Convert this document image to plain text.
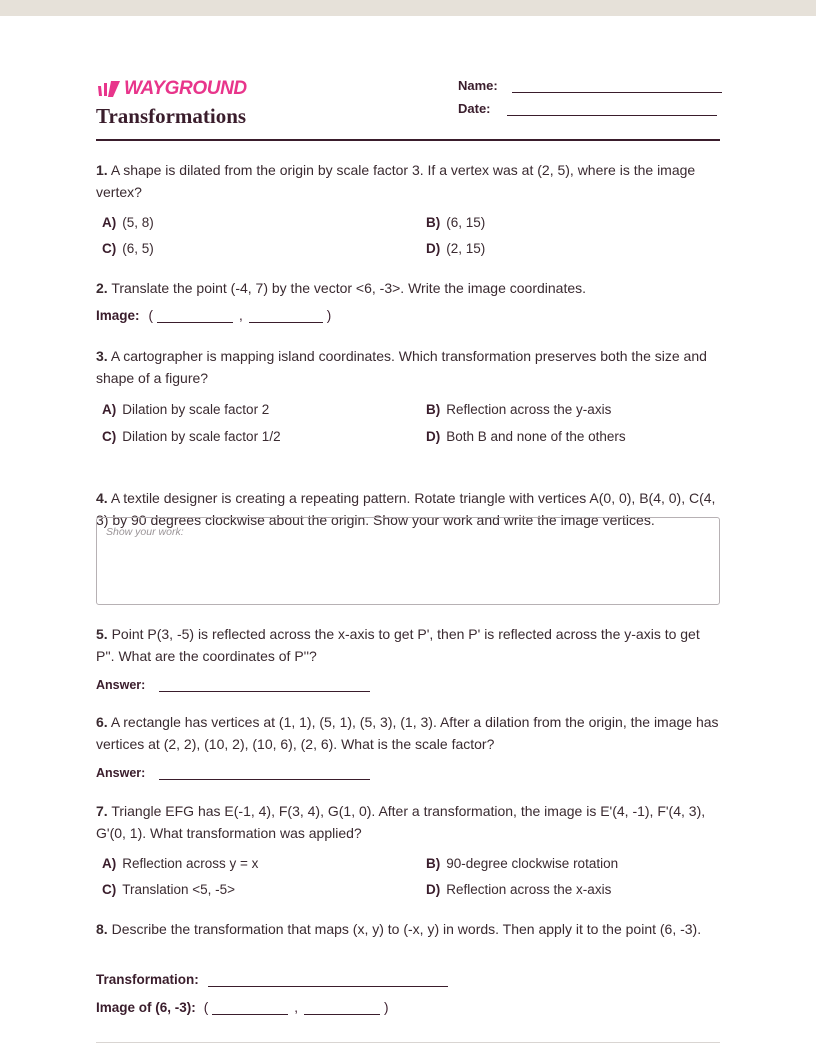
WAYGROUND
Transformations
Name:
Date:
1. A shape is dilated from the origin by scale factor 3. If a vertex was at (2, 5), where is the image vertex?
A) (5, 8)	B) (6, 15)
C) (6, 5)	D) (2, 15)
2. Translate the point (-4, 7) by the vector <6, -3>. Write the image coordinates.
Image: (	,	)
3. A cartographer is mapping island coordinates. Which transformation preserves both the size and shape of a figure?
A) Dilation by scale factor 2	B) Reflection across the y-axis
C) Dilation by scale factor 1/2	D) Both B and none of the others
4. A textile designer is creating a repeating pattern. Rotate triangle with vertices A(0, 0), B(4, 0), C(4, 3) by 90 degrees clockwise about the origin. Show your work and write the image vertices.
Show your work:
5. Point P(3, -5) is reflected across the x-axis to get P', then P' is reflected across the y-axis to get P''. What are the coordinates of P''?
Answer:
6. A rectangle has vertices at (1, 1), (5, 1), (5, 3), (1, 3). After a dilation from the origin, the image has vertices at (2, 2), (10, 2), (10, 6), (2, 6). What is the scale factor?
Answer:
7. Triangle EFG has E(-1, 4), F(3, 4), G(1, 0). After a transformation, the image is E'(4, -1), F'(4, 3), G'(0, 1). What transformation was applied?
A) Reflection across y = x	B) 90-degree clockwise rotation
C) Translation <5, -5>	D) Reflection across the x-axis
8. Describe the transformation that maps (x, y) to (-x, y) in words. Then apply it to the point (6, -3).
Transformation:
Image of (6, -3): (	,	)
